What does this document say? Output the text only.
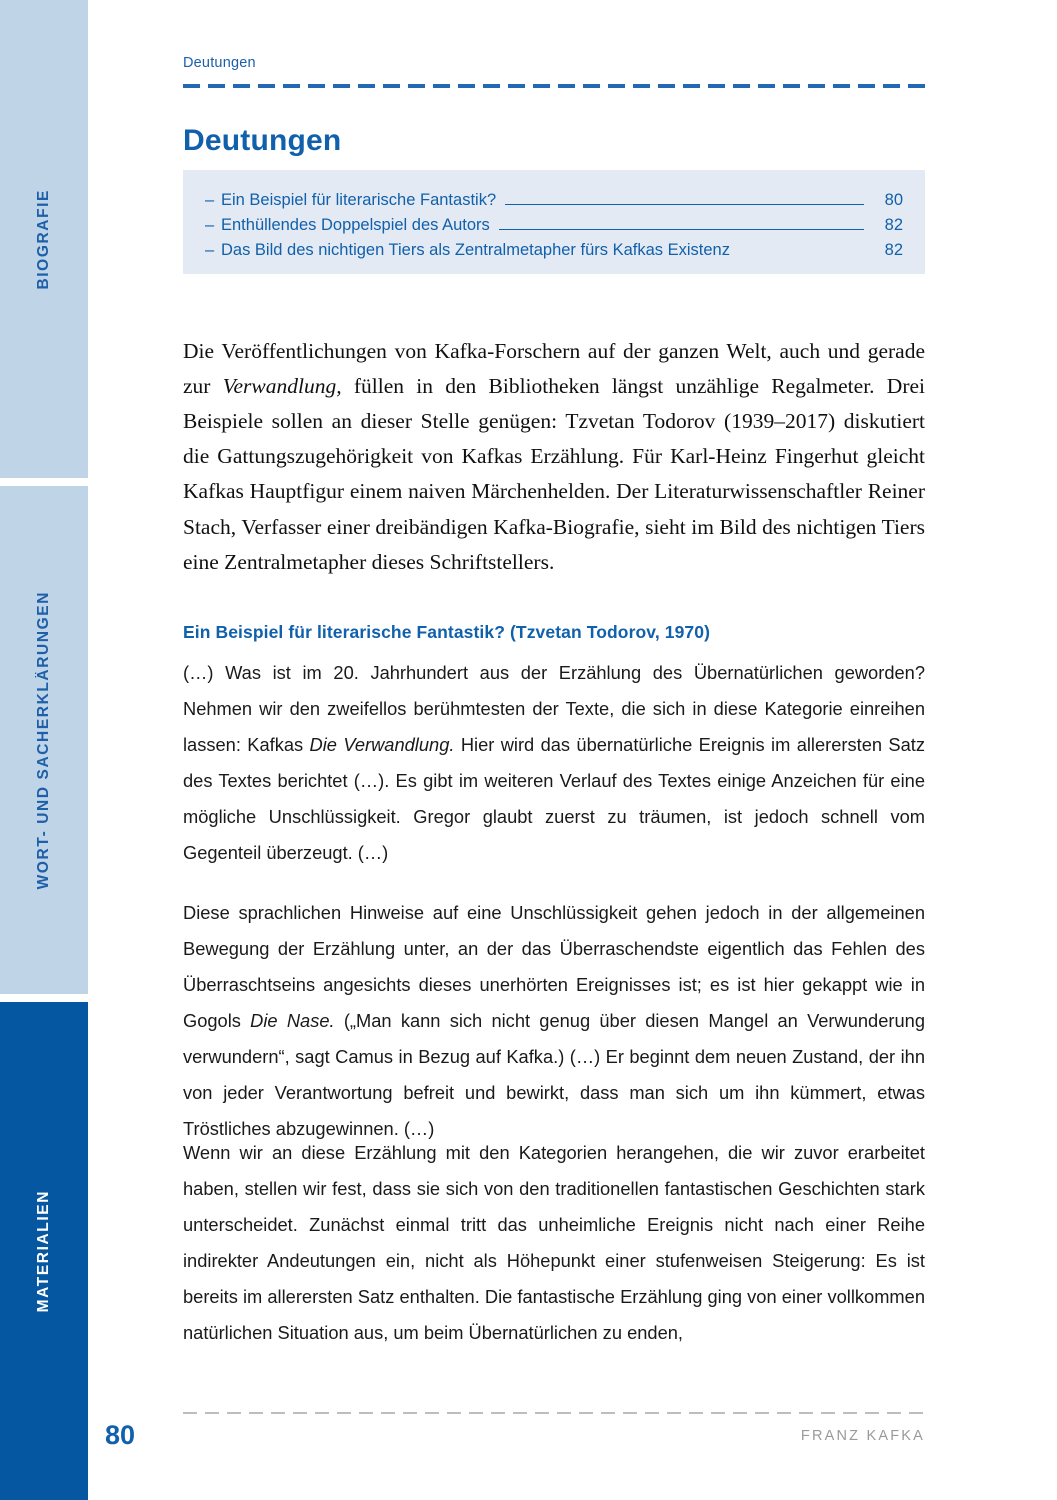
BIOGRAFIE
WORT- UND SACHERKLÄRUNGEN
MATERIALIEN
Deutungen
Deutungen
– Ein Beispiel für literarische Fantastik?	80
– Enthüllendes Doppelspiel des Autors	82
– Das Bild des nichtigen Tiers als Zentralmetapher fürs Kafkas Existenz	82

Die Veröffentlichungen von Kafka-Forschern auf der ganzen Welt, auch und gerade zur Verwandlung, füllen in den Bibliotheken längst unzählige Regalmeter. Drei Beispiele sollen an dieser Stelle genügen: Tzvetan Todorov (1939–2017) diskutiert die Gattungszugehörigkeit von Kafkas Erzählung. Für Karl-Heinz Fingerhut gleicht Kafkas Hauptfigur einem naiven Märchenhelden. Der Literaturwissenschaftler Reiner Stach, Verfasser einer dreibändigen Kafka-Biografie, sieht im Bild des nichtigen Tiers eine Zentralmetapher dieses Schriftstellers.

Ein Beispiel für literarische Fantastik? (Tzvetan Todorov, 1970)

(…) Was ist im 20. Jahrhundert aus der Erzählung des Übernatürlichen geworden? Nehmen wir den zweifellos berühmtesten der Texte, die sich in diese Kategorie einreihen lassen: Kafkas Die Verwandlung. Hier wird das übernatürliche Ereignis im allerersten Satz des Textes berichtet (…). Es gibt im weiteren Verlauf des Textes einige Anzeichen für eine mögliche Unschlüssigkeit. Gregor glaubt zuerst zu träumen, ist jedoch schnell vom Gegenteil überzeugt. (…)

Diese sprachlichen Hinweise auf eine Unschlüssigkeit gehen jedoch in der allgemeinen Bewegung der Erzählung unter, an der das Überraschendste eigentlich das Fehlen des Überraschtseins angesichts dieses unerhörten Ereignisses ist; es ist hier gekappt wie in Gogols Die Nase. („Man kann sich nicht genug über diesen Mangel an Verwunderung verwundern“, sagt Camus in Bezug auf Kafka.) (…) Er beginnt dem neuen Zustand, der ihn von jeder Verantwortung befreit und bewirkt, dass man sich um ihn kümmert, etwas Tröstliches abzugewinnen. (…)

Wenn wir an diese Erzählung mit den Kategorien herangehen, die wir zuvor erarbeitet haben, stellen wir fest, dass sie sich von den traditionellen fantastischen Geschichten stark unterscheidet. Zunächst einmal tritt das unheimliche Ereignis nicht nach einer Reihe indirekter Andeutungen ein, nicht als Höhepunkt einer stufenweisen Steigerung: Es ist bereits im allerersten Satz enthalten. Die fantastische Erzählung ging von einer vollkommen natürlichen Situation aus, um beim Übernatürlichen zu enden,

80	FRANZ KAFKA
